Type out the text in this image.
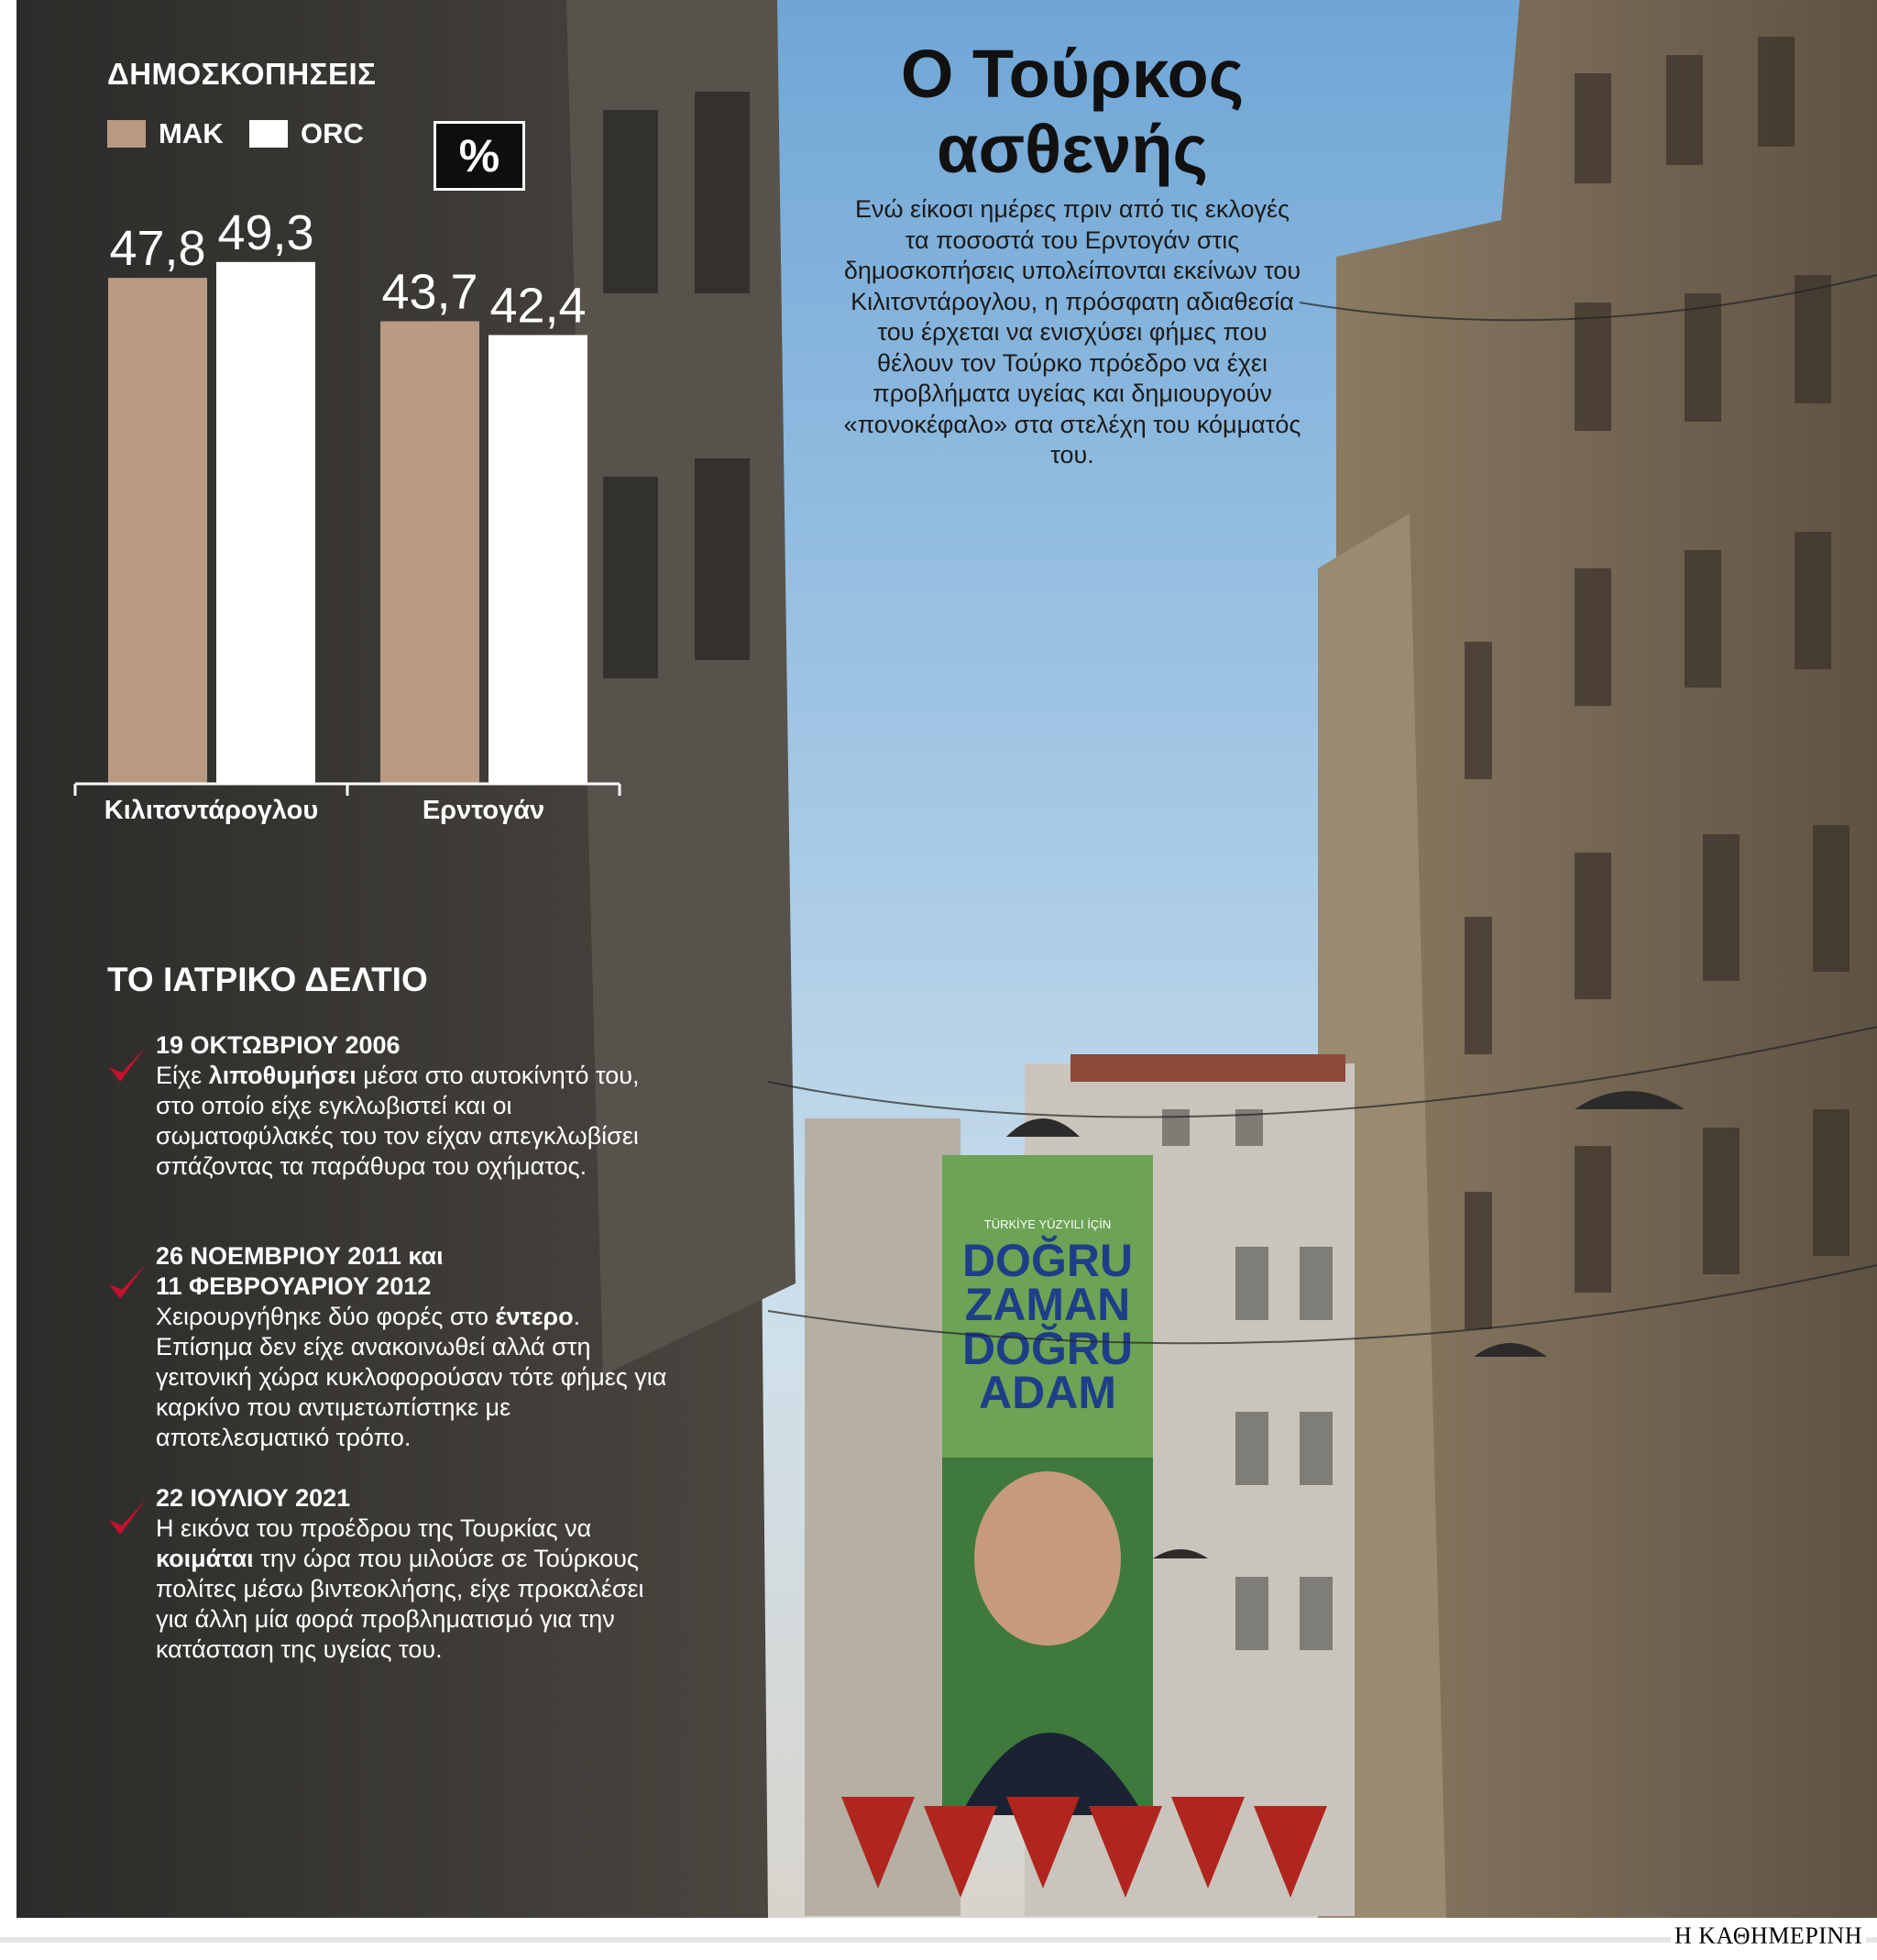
TÜRKİYE YÜZYILI İÇİN
DOĞRU
ZAMAN
DOĞRU
ADAM
ΔΗΜΟΣΚΟΠΗΣΕΙΣ
ΜΑΚ	ORC	%
47,8 49,3
43,7 42,4
Κιλιτσντάρογλου	Ερντογάν
Ο Τούρκος
ασθενής
Ενώ είκοσι ημέρες πριν από τις εκλογές τα ποσοστά του Ερντογάν στις δημοσκοπήσεις υπολείπονται εκείνων του Κιλιτσντάρογλου, η πρόσφατη αδιαθεσία του έρχεται να ενισχύσει φήμες που θέλουν τον Τούρκο πρόεδρο να έχει προβλήματα υγείας και δημιουργούν «πονοκέφαλο» στα στελέχη του κόμματός του.
ΤΟ ΙΑΤΡΙΚΟ ΔΕΛΤΙΟ
19 ΟΚΤΩΒΡΙΟΥ 2006
Είχε λιποθυμήσει μέσα στο αυτοκίνητό του, στο οποίο είχε εγκλωβιστεί και οι σωματοφύλακές του τον είχαν απεγκλωβίσει σπάζοντας τα παράθυρα του οχήματος.
26 ΝΟΕΜΒΡΙΟΥ 2011 και
11 ΦΕΒΡΟΥΑΡΙΟΥ 2012
Χειρουργήθηκε δύο φορές στο έντερο. Επίσημα δεν είχε ανακοινωθεί αλλά στη γειτονική χώρα κυκλοφορούσαν τότε φήμες για καρκίνο που αντιμετωπίστηκε με αποτελεσματικό τρόπο.
22 ΙΟΥΛΙΟΥ 2021
Η εικόνα του προέδρου της Τουρκίας να κοιμάται την ώρα που μιλούσε σε Τούρκους πολίτες μέσω βιντεοκλήσης, είχε προκαλέσει για άλλη μία φορά προβληματισμό για την κατάσταση της υγείας του.
Η ΚΑΘΗΜΕΡΙΝΗ
